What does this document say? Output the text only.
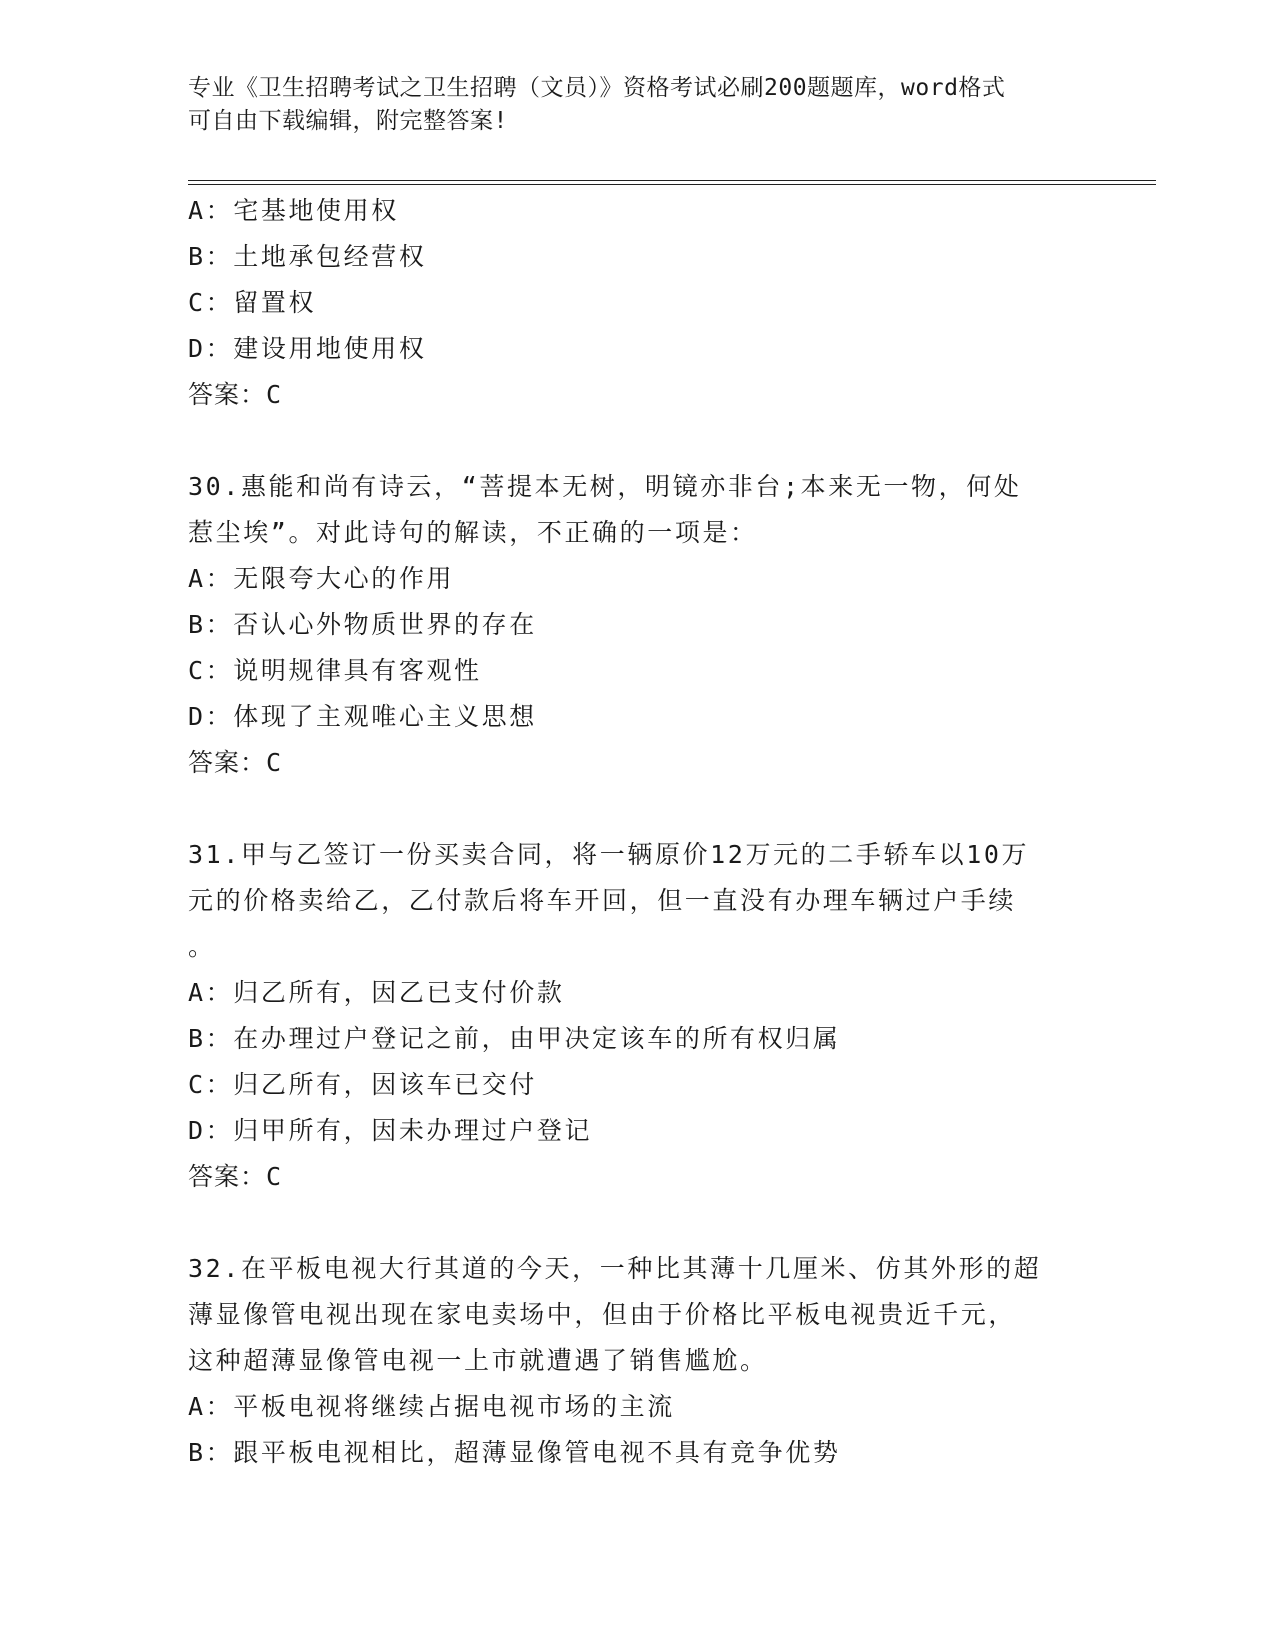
专业《卫生招聘考试之卫生招聘（文员）》资格考试必刷200题题库，word格式
可自由下载编辑，附完整答案!
A：宅基地使用权
B：土地承包经营权
C：留置权
D：建设用地使用权
答案：C
30.惠能和尚有诗云，“菩提本无树，明镜亦非台;本来无一物，何处
惹尘埃”。对此诗句的解读，不正确的一项是：
A：无限夸大心的作用
B：否认心外物质世界的存在
C：说明规律具有客观性
D：体现了主观唯心主义思想
答案：C
31.甲与乙签订一份买卖合同，将一辆原价12万元的二手轿车以10万
元的价格卖给乙，乙付款后将车开回，但一直没有办理车辆过户手续
。
A：归乙所有，因乙已支付价款
B：在办理过户登记之前，由甲决定该车的所有权归属
C：归乙所有，因该车已交付
D：归甲所有，因未办理过户登记
答案：C
32.在平板电视大行其道的今天，一种比其薄十几厘米、仿其外形的超
薄显像管电视出现在家电卖场中，但由于价格比平板电视贵近千元，
这种超薄显像管电视一上市就遭遇了销售尴尬。
A：平板电视将继续占据电视市场的主流
B：跟平板电视相比，超薄显像管电视不具有竞争优势
